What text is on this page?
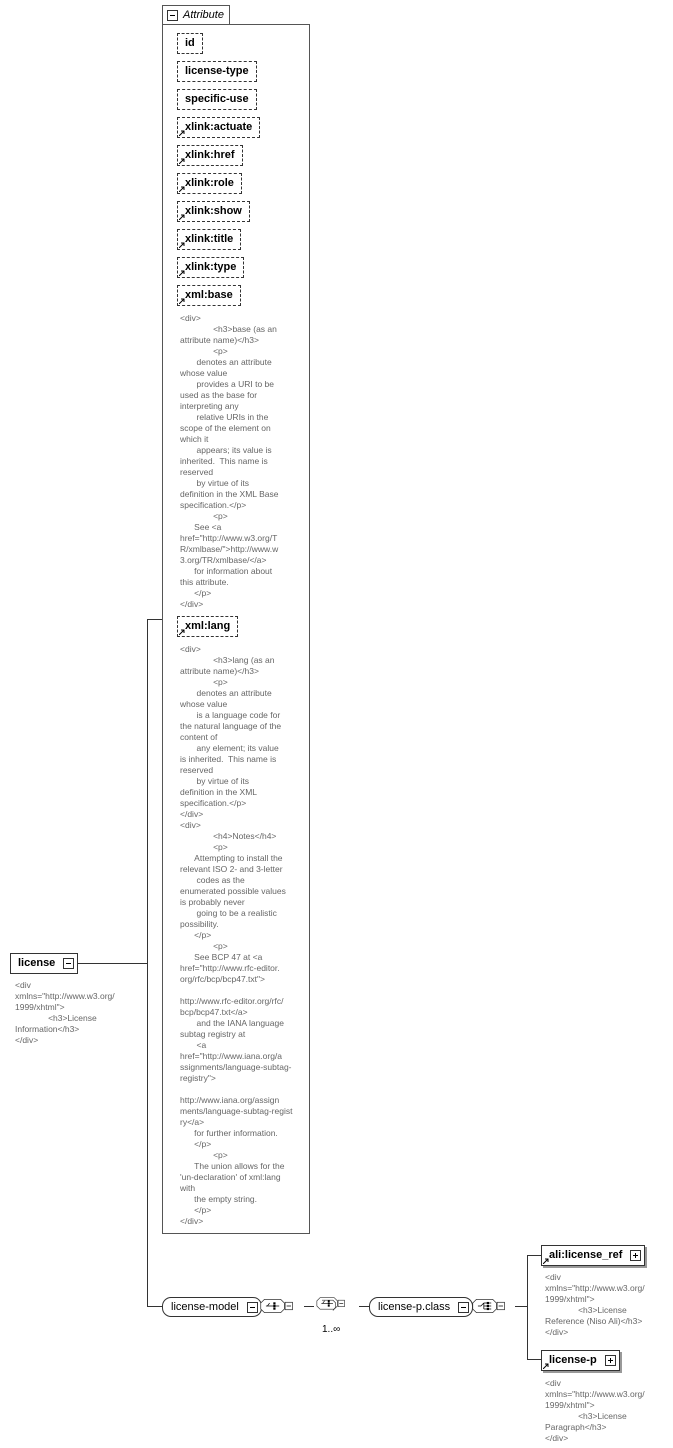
Attribute
id
license-type
specific-use
xlink:actuate
xlink:href
xlink:role
xlink:show
xlink:title
xlink:type
xml:base
<div>
<h3>base (as an
attribute name)</h3>
<p>
denotes an attribute
whose value
provides a URI to be
used as the base for
interpreting any
relative URIs in the
scope of the element on
which it
appears; its value is
inherited.  This name is
reserved
by virtue of its
definition in the XML Base
specification.</p>
<p>
See <a
href="http://www.w3.org/T
R/xmlbase/">http://www.w
3.org/TR/xmlbase/</a>
for information about
this attribute.
</p>
</div>
xml:lang
<div>
<h3>lang (as an
attribute name)</h3>
<p>
denotes an attribute
whose value
is a language code for
the natural language of the
content of
any element; its value
is inherited.  This name is
reserved
by virtue of its
definition in the XML
specification.</p>
</div>
<div>
<h4>Notes</h4>
<p>
Attempting to install the
relevant ISO 2- and 3-letter
codes as the
enumerated possible values
is probably never
going to be a realistic
possibility.
</p>
<p>
See BCP 47 at <a
href="http://www.rfc-editor.
org/rfc/bcp/bcp47.txt">

http://www.rfc-editor.org/rfc/
bcp/bcp47.txt</a>
and the IANA language
subtag registry at
<a
href="http://www.iana.org/a
ssignments/language-subtag-
registry">

http://www.iana.org/assign
ments/language-subtag-regist
ry</a>
for further information.
</p>
<p>
The union allows for the
'un-declaration' of xml:lang
with
the empty string.
</p>
</div>
license
<div
xmlns="http://www.w3.org/
1999/xhtml">
<h3>License
Information</h3>
</div>
license-model
1..∞
license-p.class
ali:license_ref
<div
xmlns="http://www.w3.org/
1999/xhtml">
<h3>License
Reference (Niso Ali)</h3>
</div>
license-p
<div
xmlns="http://www.w3.org/
1999/xhtml">
<h3>License
Paragraph</h3>
</div>
